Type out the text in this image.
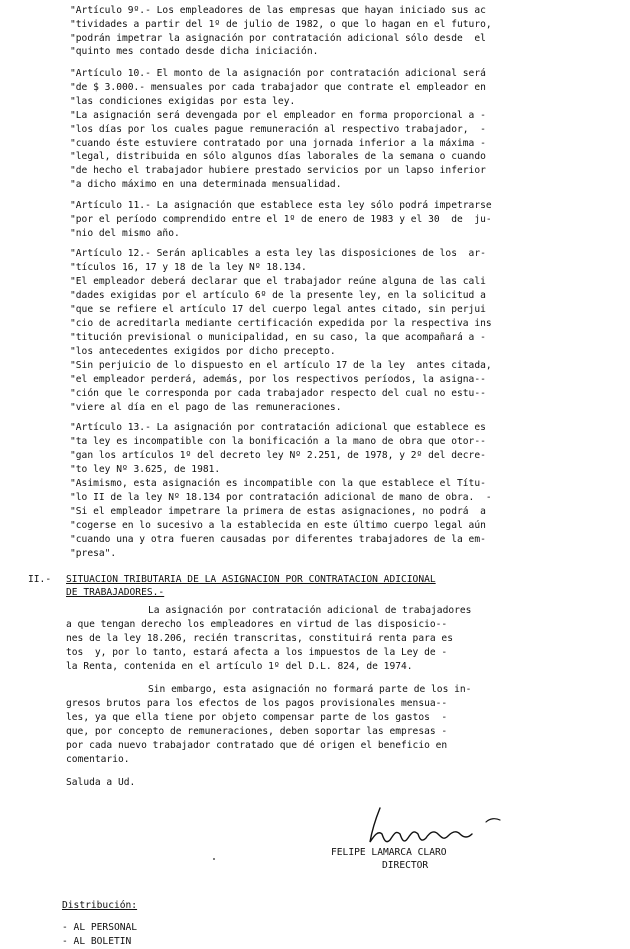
"Artículo 9º.- Los empleadores de las empresas que hayan iniciado sus ac
"tividades a partir del 1º de julio de 1982, o que lo hagan en el futuro,
"podrán impetrar la asignación por contratación adicional sólo desde  el
"quinto mes contado desde dicha iniciación.
"Artículo 10.- El monto de la asignación por contratación adicional será
"de $ 3.000.- mensuales por cada trabajador que contrate el empleador en
"las condiciones exigidas por esta ley.
"La asignación será devengada por el empleador en forma proporcional a -
"los días por los cuales pague remuneración al respectivo trabajador,  -
"cuando éste estuviere contratado por una jornada inferior a la máxima -
"legal, distribuida en sólo algunos días laborales de la semana o cuando
"de hecho el trabajador hubiere prestado servicios por un lapso inferior
"a dicho máximo en una determinada mensualidad.
"Artículo 11.- La asignación que establece esta ley sólo podrá impetrarse
"por el período comprendido entre el 1º de enero de 1983 y el 30  de  ju-
"nio del mismo año.
"Artículo 12.- Serán aplicables a esta ley las disposiciones de los  ar-
"tículos 16, 17 y 18 de la ley Nº 18.134.
"El empleador deberá declarar que el trabajador reúne alguna de las cali
"dades exigidas por el artículo 6º de la presente ley, en la solicitud a
"que se refiere el artículo 17 del cuerpo legal antes citado, sin perjui
"cio de acreditarla mediante certificación expedida por la respectiva ins
"titución previsional o municipalidad, en su caso, la que acompañará a -
"los antecedentes exigidos por dicho precepto.
"Sin perjuicio de lo dispuesto en el artículo 17 de la ley  antes citada,
"el empleador perderá, además, por los respectivos períodos, la asigna--
"ción que le corresponda por cada trabajador respecto del cual no estu--
"viere al día en el pago de las remuneraciones.
"Artículo 13.- La asignación por contratación adicional que establece es
"ta ley es incompatible con la bonificación a la mano de obra que otor--
"gan los artículos 1º del decreto ley Nº 2.251, de 1978, y 2º del decre-
"to ley Nº 3.625, de 1981.
"Asimismo, esta asignación es incompatible con la que establece el Títu-
"lo II de la ley Nº 18.134 por contratación adicional de mano de obra.  -
"Si el empleador impetrare la primera de estas asignaciones, no podrá  a
"cogerse en lo sucesivo a la establecida en este último cuerpo legal aún
"cuando una y otra fueren causadas por diferentes trabajadores de la em-
"presa".
II.- SITUACION TRIBUTARIA DE LA ASIGNACION POR CONTRATACION ADICIONAL
DE TRABAJADORES.-
La asignación por contratación adicional de trabajadores
a que tengan derecho los empleadores en virtud de las disposicio--
nes de la ley 18.206, recién transcritas, constituirá renta para es
tos  y, por lo tanto, estará afecta a los impuestos de la Ley de -
la Renta, contenida en el artículo 1º del D.L. 824, de 1974.
Sin embargo, esta asignación no formará parte de los in-
gresos brutos para los efectos de los pagos provisionales mensua--
les, ya que ella tiene por objeto compensar parte de los gastos  -
que, por concepto de remuneraciones, deben soportar las empresas -
por cada nuevo trabajador contratado que dé origen el beneficio en
comentario.
Saluda a Ud.
FELIPE LAMARCA CLARO
DIRECTOR
Distribución:
- AL PERSONAL
- AL BOLETIN
